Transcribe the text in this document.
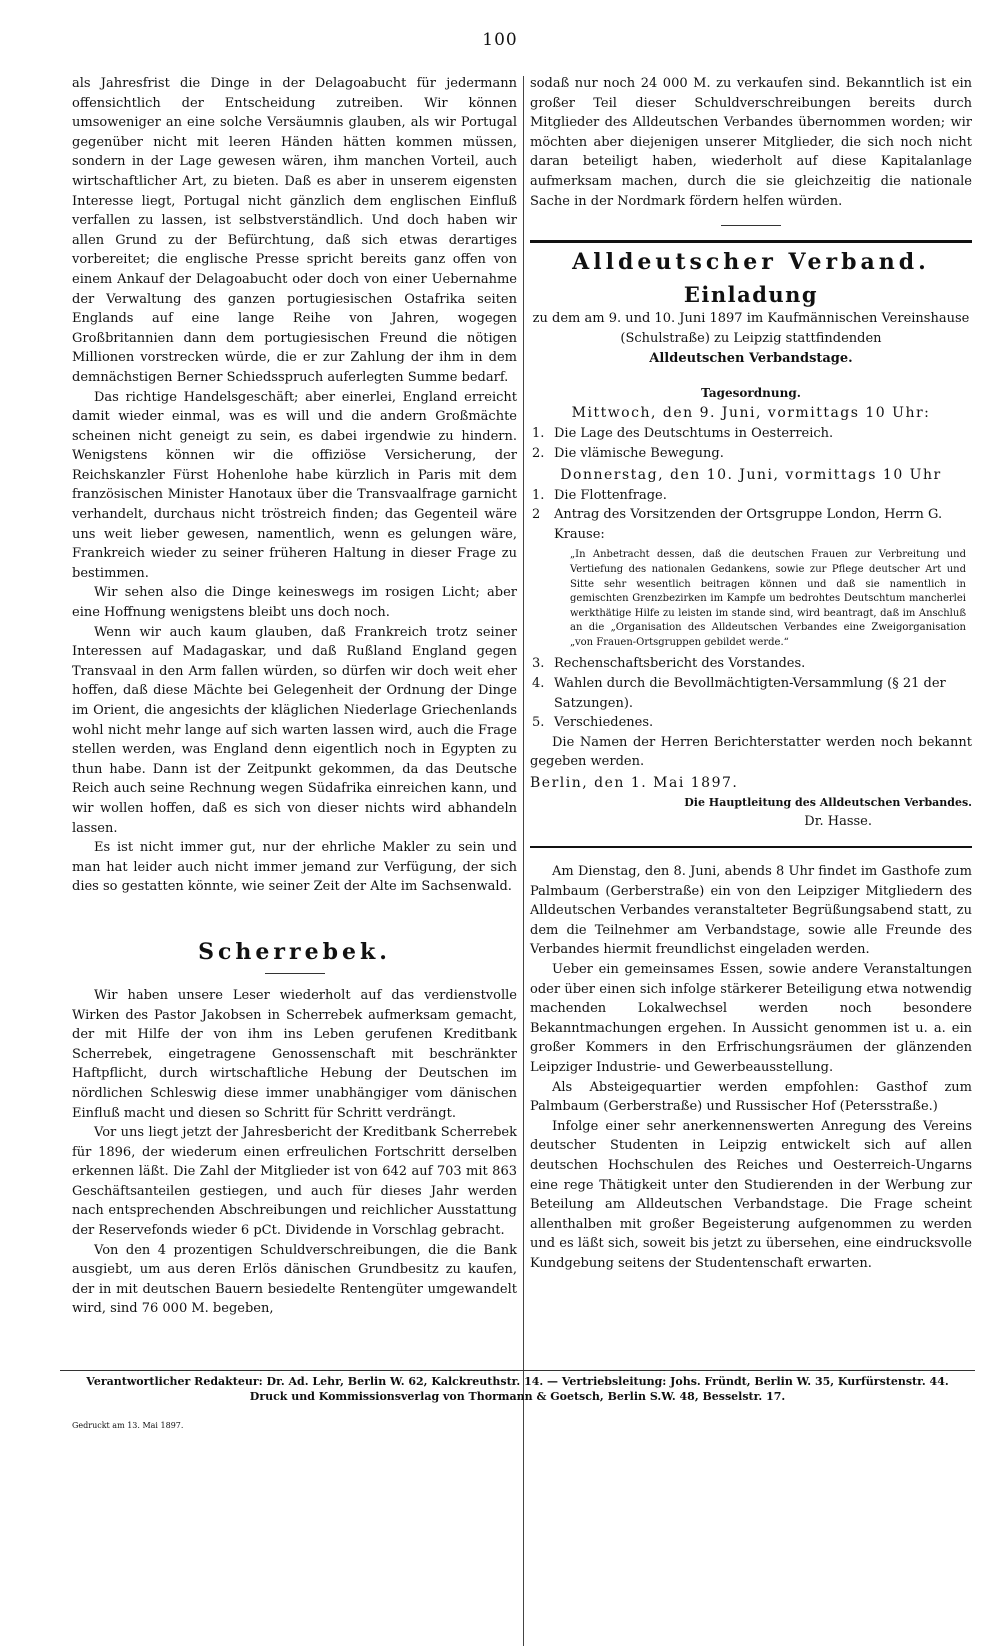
100

als Jahresfrist die Dinge in der Delagoabucht für jedermann offensichtlich der Entscheidung zutreiben. Wir können umsoweniger an eine solche Versäumnis glauben, als wir Portugal gegenüber nicht mit leeren Händen hätten kommen müssen, sondern in der Lage gewesen wären, ihm manchen Vorteil, auch wirtschaftlicher Art, zu bieten. Daß es aber in unserem eigensten Interesse liegt, Portugal nicht gänzlich dem englischen Einfluß verfallen zu lassen, ist selbstverständlich. Und doch haben wir allen Grund zu der Befürchtung, daß sich etwas derartiges vorbereitet; die englische Presse spricht bereits ganz offen von einem Ankauf der Delagoabucht oder doch von einer Uebernahme der Verwaltung des ganzen portugiesischen Ostafrika seiten Englands auf eine lange Reihe von Jahren, wogegen Großbritannien dann dem portugiesischen Freund die nötigen Millionen vorstrecken würde, die er zur Zahlung der ihm in dem demnächstigen Berner Schiedsspruch auferlegten Summe bedarf.

Das richtige Handelsgeschäft; aber einerlei, England erreicht damit wieder einmal, was es will und die andern Großmächte scheinen nicht geneigt zu sein, es dabei irgendwie zu hindern. Wenigstens können wir die offiziöse Versicherung, der Reichskanzler Fürst Hohenlohe habe kürzlich in Paris mit dem französischen Minister Hanotaux über die Transvaalfrage garnicht verhandelt, durchaus nicht tröstreich finden; das Gegenteil wäre uns weit lieber gewesen, namentlich, wenn es gelungen wäre, Frankreich wieder zu seiner früheren Haltung in dieser Frage zu bestimmen.

Wir sehen also die Dinge keineswegs im rosigen Licht; aber eine Hoffnung wenigstens bleibt uns doch noch.

Wenn wir auch kaum glauben, daß Frankreich trotz seiner Interessen auf Madagaskar, und daß Rußland England gegen Transvaal in den Arm fallen würden, so dürfen wir doch weit eher hoffen, daß diese Mächte bei Gelegenheit der Ordnung der Dinge im Orient, die angesichts der kläglichen Niederlage Griechenlands wohl nicht mehr lange auf sich warten lassen wird, auch die Frage stellen werden, was England denn eigentlich noch in Egypten zu thun habe. Dann ist der Zeitpunkt gekommen, da das Deutsche Reich auch seine Rechnung wegen Südafrika einreichen kann, und wir wollen hoffen, daß es sich von dieser nichts wird abhandeln lassen.

Es ist nicht immer gut, nur der ehrliche Makler zu sein und man hat leider auch nicht immer jemand zur Verfügung, der sich dies so gestatten könnte, wie seiner Zeit der Alte im Sachsenwald.

Scherrebek.

Wir haben unsere Leser wiederholt auf das verdienstvolle Wirken des Pastor Jakobsen in Scherrebek aufmerksam gemacht, der mit Hilfe der von ihm ins Leben gerufenen Kreditbank Scherrebek, eingetragene Genossenschaft mit beschränkter Haftpflicht, durch wirtschaftliche Hebung der Deutschen im nördlichen Schleswig diese immer unabhängiger vom dänischen Einfluß macht und diesen so Schritt für Schritt verdrängt.

Vor uns liegt jetzt der Jahresbericht der Kreditbank Scherrebek für 1896, der wiederum einen erfreulichen Fortschritt derselben erkennen läßt. Die Zahl der Mitglieder ist von 642 auf 703 mit 863 Geschäftsanteilen gestiegen, und auch für dieses Jahr werden nach entsprechenden Abschreibungen und reichlicher Ausstattung der Reservefonds wieder 6 pCt. Dividende in Vorschlag gebracht.

Von den 4 prozentigen Schuldverschreibungen, die die Bank ausgiebt, um aus deren Erlös dänischen Grundbesitz zu kaufen, der in mit deutschen Bauern besiedelte Rentengüter umgewandelt wird, sind 76 000 M. begeben,

sodaß nur noch 24 000 M. zu verkaufen sind. Bekanntlich ist ein großer Teil dieser Schuldverschreibungen bereits durch Mitglieder des Alldeutschen Verbandes übernommen worden; wir möchten aber diejenigen unserer Mitglieder, die sich noch nicht daran beteiligt haben, wiederholt auf diese Kapitalanlage aufmerksam machen, durch die sie gleichzeitig die nationale Sache in der Nordmark fördern helfen würden.

Alldeutscher Verband.
Einladung

zu dem am 9. und 10. Juni 1897 im Kaufmännischen Vereinshause (Schulstraße) zu Leipzig stattfindenden

Alldeutschen Verbandstage.
Tagesordnung.
Mittwoch, den 9. Juni, vormittags 10 Uhr:
1. Die Lage des Deutschtums in Oesterreich.
2. Die vlämische Bewegung.
Donnerstag, den 10. Juni, vormittags 10 Uhr
1. Die Flottenfrage.
2 Antrag des Vorsitzenden der Ortsgruppe London, Herrn G. Krause:
„In Anbetracht dessen, daß die deutschen Frauen zur Verbreitung und Vertiefung des nationalen Gedankens, sowie zur Pflege deutscher Art und Sitte sehr wesentlich beitragen können und daß sie namentlich in gemischten Grenzbezirken im Kampfe um bedrohtes Deutschtum mancherlei werkthätige Hilfe zu leisten im stande sind, wird beantragt, daß im Anschluß an die „Organisation des Alldeutschen Verbandes eine Zweigorganisation „von Frauen-Ortsgruppen gebildet werde.“
3. Rechenschaftsbericht des Vorstandes.
4. Wahlen durch die Bevollmächtigten-Versammlung (§ 21 der Satzungen).
5. Verschiedenes.

Die Namen der Herren Berichterstatter werden noch bekannt gegeben werden.

Berlin, den 1. Mai 1897.
Die Hauptleitung des Alldeutschen Verbandes.
Dr. Hasse.

Am Dienstag, den 8. Juni, abends 8 Uhr findet im Gasthofe zum Palmbaum (Gerberstraße) ein von den Leipziger Mitgliedern des Alldeutschen Verbandes veranstalteter Begrüßungsabend statt, zu dem die Teilnehmer am Verbandstage, sowie alle Freunde des Verbandes hiermit freundlichst eingeladen werden.

Ueber ein gemeinsames Essen, sowie andere Veranstaltungen oder über einen sich infolge stärkerer Beteiligung etwa notwendig machenden Lokalwechsel werden noch besondere Bekanntmachungen ergehen. In Aussicht genommen ist u. a. ein großer Kommers in den Erfrischungsräumen der glänzenden Leipziger Industrie- und Gewerbeausstellung.

Als Absteigequartier werden empfohlen: Gasthof zum Palmbaum (Gerberstraße) und Russischer Hof (Petersstraße.)

Infolge einer sehr anerkennenswerten Anregung des Vereins deutscher Studenten in Leipzig entwickelt sich auf allen deutschen Hochschulen des Reiches und Oesterreich-Ungarns eine rege Thätigkeit unter den Studierenden in der Werbung zur Beteilung am Alldeutschen Verbandstage. Die Frage scheint allenthalben mit großer Begeisterung aufgenommen zu werden und es läßt sich, soweit bis jetzt zu übersehen, eine eindrucksvolle Kundgebung seitens der Studentenschaft erwarten.

Verantwortlicher Redakteur: Dr. Ad. Lehr, Berlin W. 62, Kalckreuthstr. 14. — Vertriebsleitung: Johs. Fründt, Berlin W. 35, Kurfürstenstr. 44.
Druck und Kommissionsverlag von Thormann & Goetsch, Berlin S.W. 48, Besselstr. 17.
Gedruckt am 13. Mai 1897.
